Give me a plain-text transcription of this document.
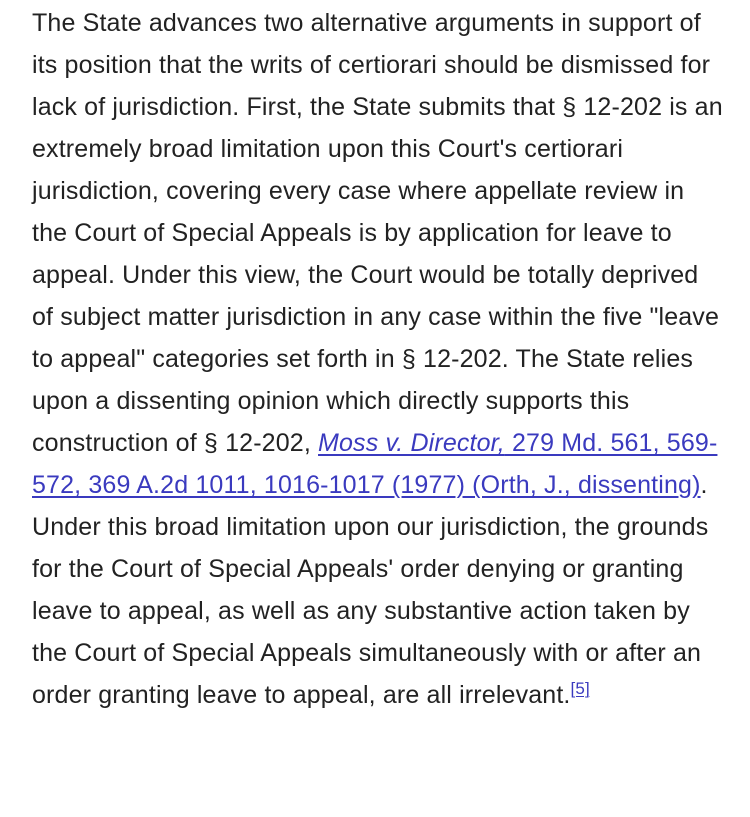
The State advances two alternative arguments in support of its position that the writs of certiorari should be dismissed for lack of jurisdiction. First, the State submits that § 12-202 is an extremely broad limitation upon this Court's certiorari jurisdiction, covering every case where appellate review in the Court of Special Appeals is by application for leave to appeal. Under this view, the Court would be totally deprived of subject matter jurisdiction in any case within the five "leave to appeal" categories set forth in § 12-202. The State relies upon a dissenting opinion which directly supports this construction of § 12-202, Moss v. Director, 279 Md. 561, 569-572, 369 A.2d 1011, 1016-1017 (1977) (Orth, J., dissenting). Under this broad limitation upon our jurisdiction, the grounds for the Court of Special Appeals' order denying or granting leave to appeal, as well as any substantive action taken by the Court of Special Appeals simultaneously with or after an order granting leave to appeal, are all irrelevant.[5]
